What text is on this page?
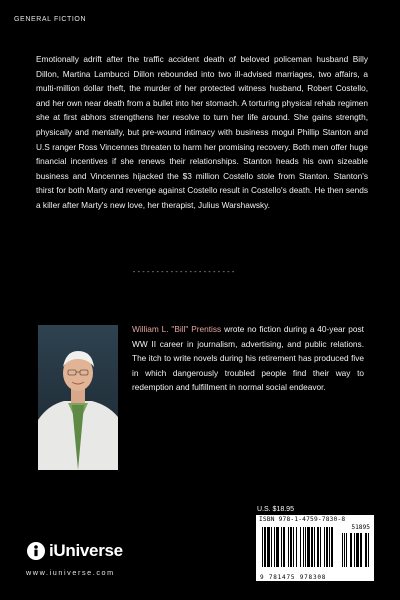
GENERAL FICTION
Emotionally adrift after the traffic accident death of beloved policeman husband Billy Dillon, Martina Lambucci Dillon rebounded into two ill-advised marriages, two affairs, a multi-million dollar theft, the murder of her protected witness husband, Robert Costello, and her own near death from a bullet into her stomach. A torturing physical rehab regimen she at first abhors strengthens her resolve to turn her life around. She gains strength, physically and mentally, but pre-wound intimacy with business mogul Phillip Stanton and U.S ranger Ross Vincennes threaten to harm her promising recovery. Both men offer huge financial incentives if she renews their relationships. Stanton heads his own sizeable business and Vincennes hijacked the $3 million Costello stole from Stanton. Stanton's thirst for both Marty and revenge against Costello result in Costello's death. He then sends a killer after Marty's new love, her therapist, Julius Warshawsky.
----------------------
William L. "Bill" Prentiss wrote no fiction during a 40-year post WW II career in journalism, advertising, and public relations. The itch to write novels during his retirement has produced five in which dangerously troubled people find their way to redemption and fulfillment in normal social endeavor.
U.S. $18.95
ISBN 978-1-4759-7830-8
51895
9 781475 978308
iUniverse
www.iuniverse.com
